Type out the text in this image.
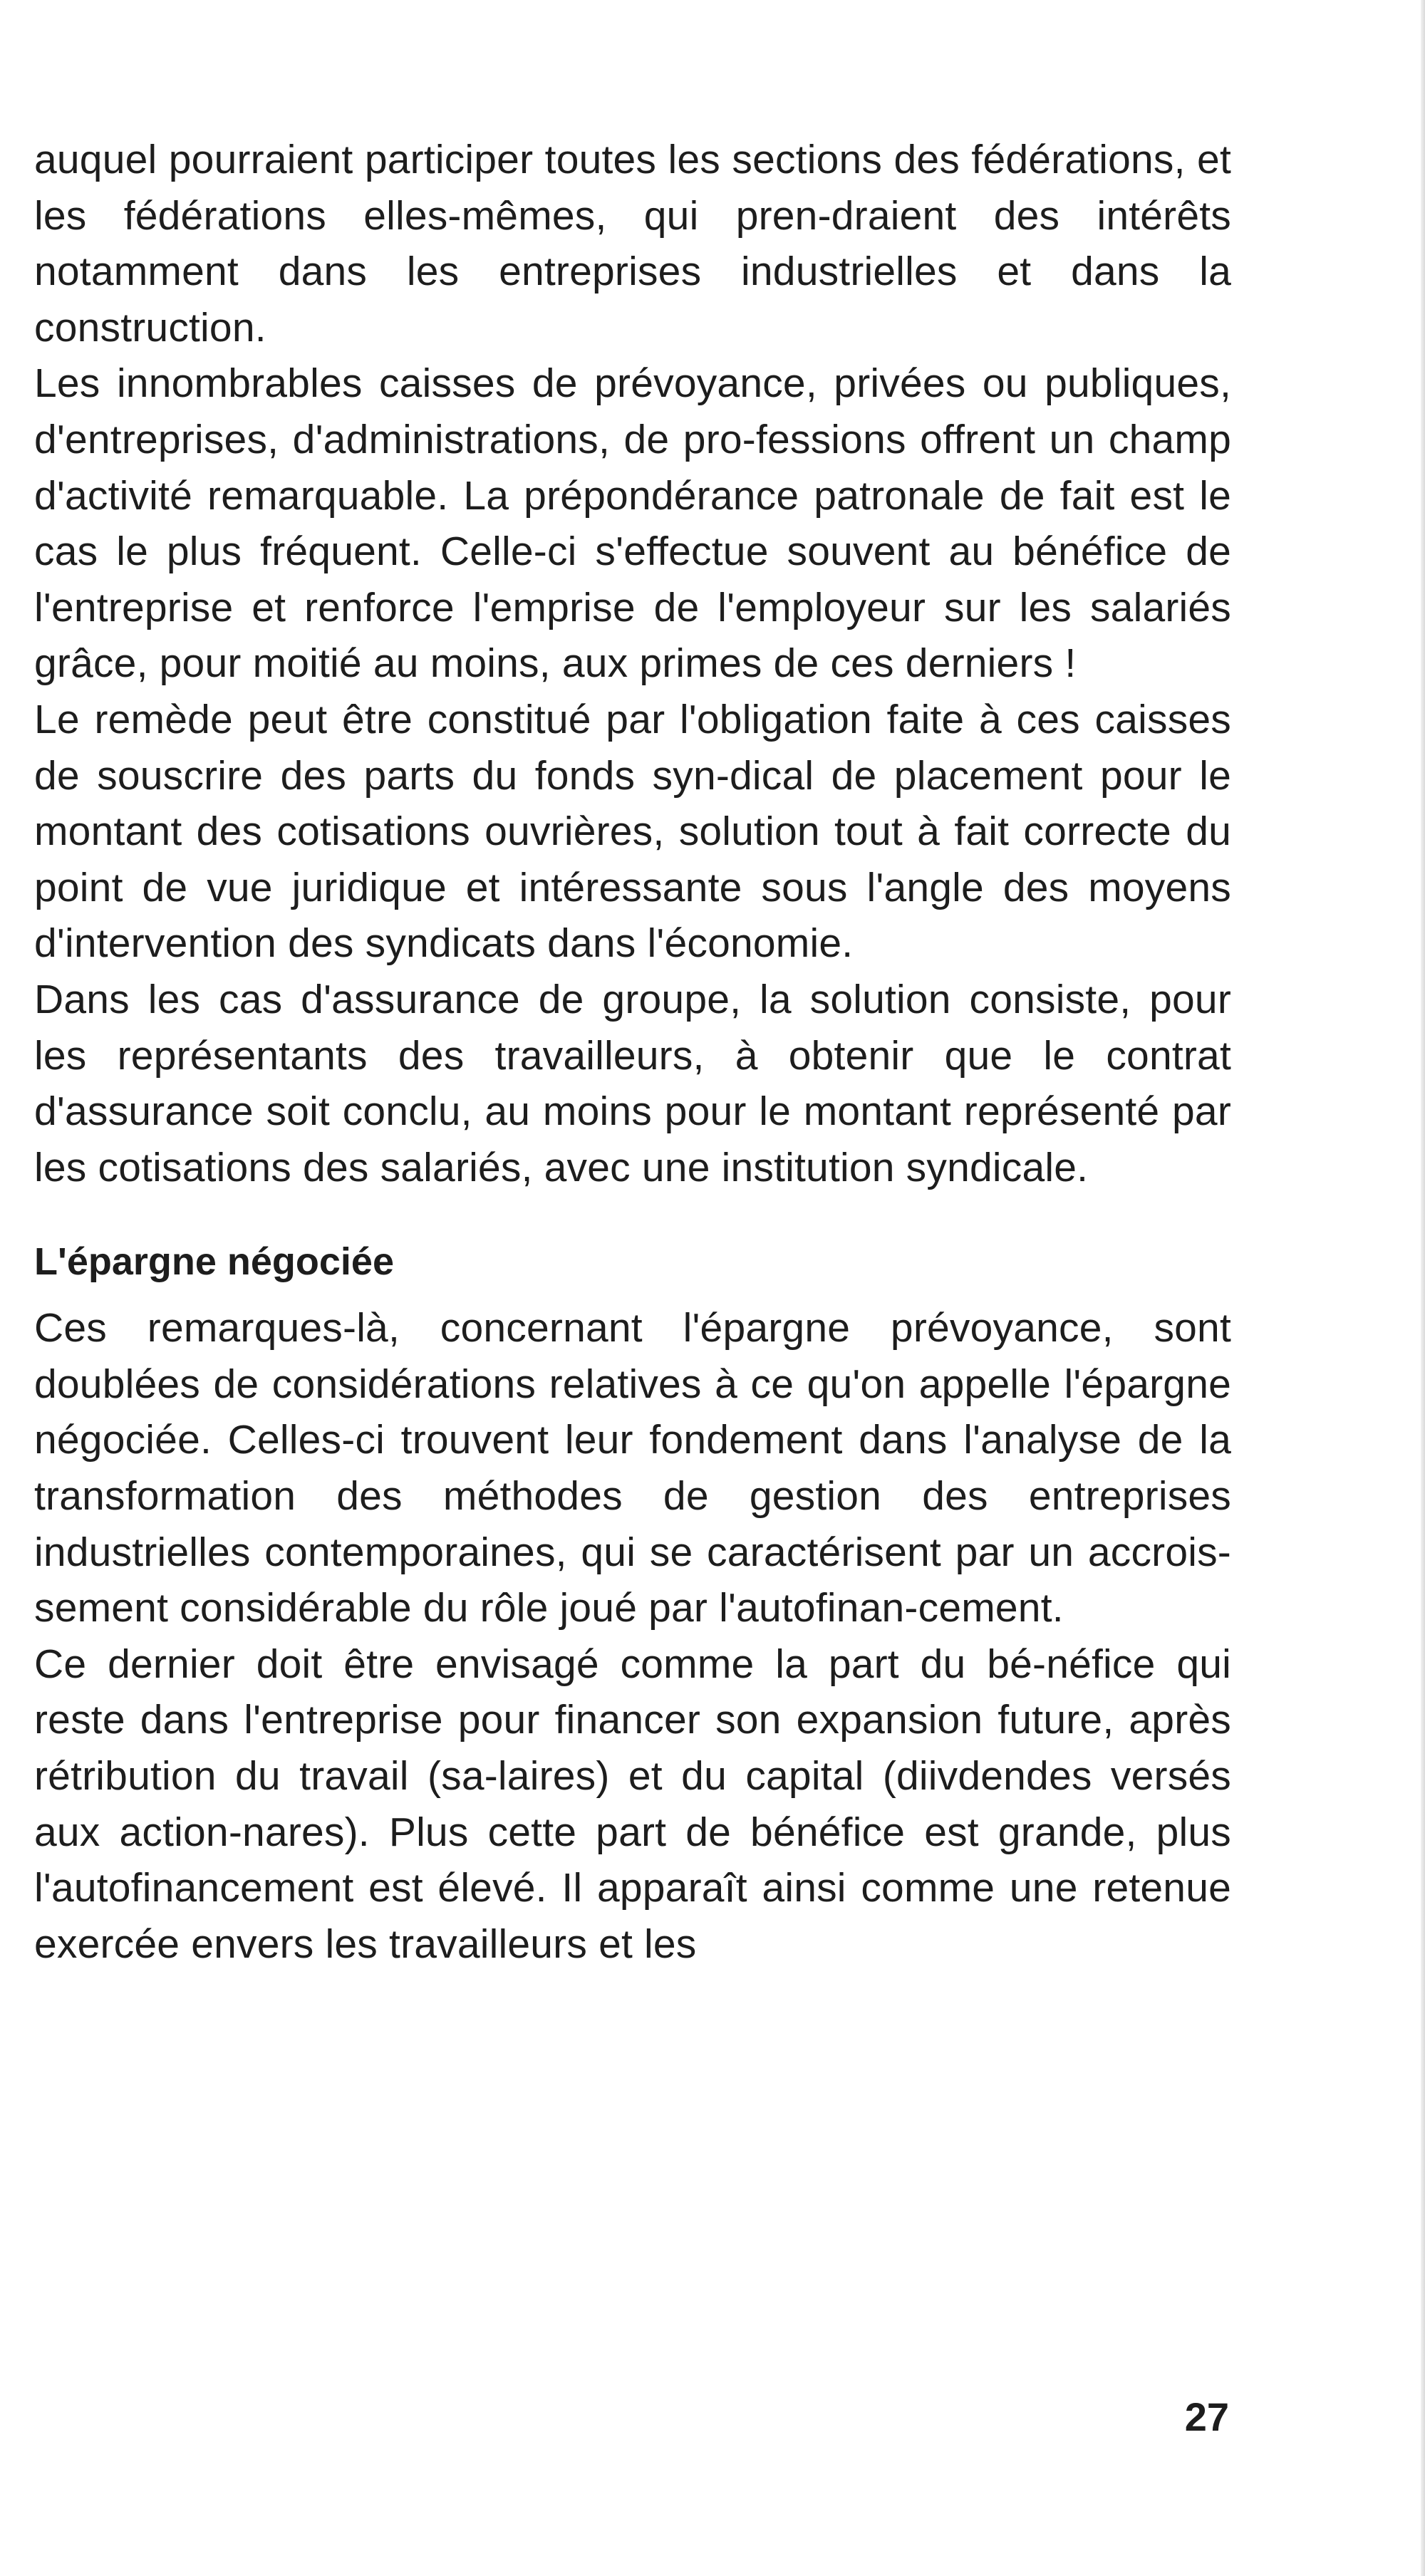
auquel pourraient participer toutes les sections des fédérations, et les fédérations elles-mêmes, qui pren-draient des intérêts notamment dans les entreprises industrielles et dans la construction.

Les innombrables caisses de prévoyance, privées ou publiques, d'entreprises, d'administrations, de pro-fessions offrent un champ d'activité remarquable. La prépondérance patronale de fait est le cas le plus fréquent. Celle-ci s'effectue souvent au bénéfice de l'entreprise et renforce l'emprise de l'employeur sur les salariés grâce, pour moitié au moins, aux primes de ces derniers !

Le remède peut être constitué par l'obligation faite à ces caisses de souscrire des parts du fonds syn-dical de placement pour le montant des cotisations ouvrières, solution tout à fait correcte du point de vue juridique et intéressante sous l'angle des moyens d'intervention des syndicats dans l'économie.

Dans les cas d'assurance de groupe, la solution consiste, pour les représentants des travailleurs, à obtenir que le contrat d'assurance soit conclu, au moins pour le montant représenté par les cotisations des salariés, avec une institution syndicale.

L'épargne négociée

Ces remarques-là, concernant l'épargne prévoyance, sont doublées de considérations relatives à ce qu'on appelle l'épargne négociée. Celles-ci trouvent leur fondement dans l'analyse de la transformation des méthodes de gestion des entreprises industrielles contemporaines, qui se caractérisent par un accrois-sement considérable du rôle joué par l'autofinan-cement.

Ce dernier doit être envisagé comme la part du bé-néfice qui reste dans l'entreprise pour financer son expansion future, après rétribution du travail (sa-laires) et du capital (diivdendes versés aux action-nares). Plus cette part de bénéfice est grande, plus l'autofinancement est élevé. Il apparaît ainsi comme une retenue exercée envers les travailleurs et les

27
